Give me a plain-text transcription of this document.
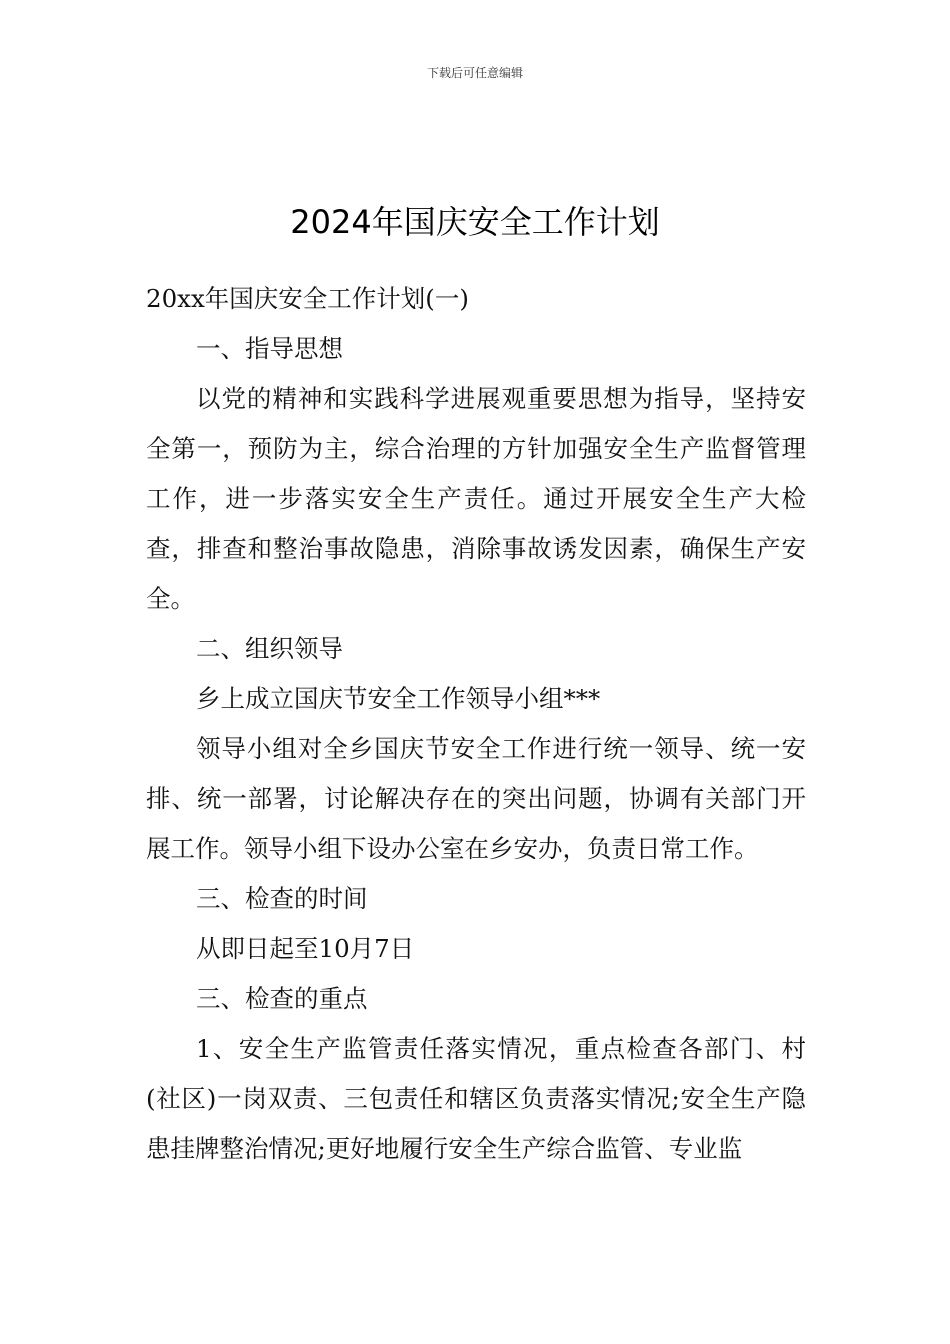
下载后可任意编辑
2024年国庆安全工作计划

20xx年国庆安全工作计划(一)

一、指导思想

以党的精神和实践科学进展观重要思想为指导，坚持安全第一，预防为主，综合治理的方针加强安全生产监督管理工作，进一步落实安全生产责任。通过开展安全生产大检查，排查和整治事故隐患，消除事故诱发因素，确保生产安全。

二、组织领导

乡上成立国庆节安全工作领导小组***

领导小组对全乡国庆节安全工作进行统一领导、统一安排、统一部署，讨论解决存在的突出问题，协调有关部门开展工作。领导小组下设办公室在乡安办，负责日常工作。

三、检查的时间

从即日起至10月7日

三、检查的重点

1、安全生产监管责任落实情况，重点检查各部门、村(社区)一岗双责、三包责任和辖区负责落实情况;安全生产隐患挂牌整治情况;更好地履行安全生产综合监管、专业监
